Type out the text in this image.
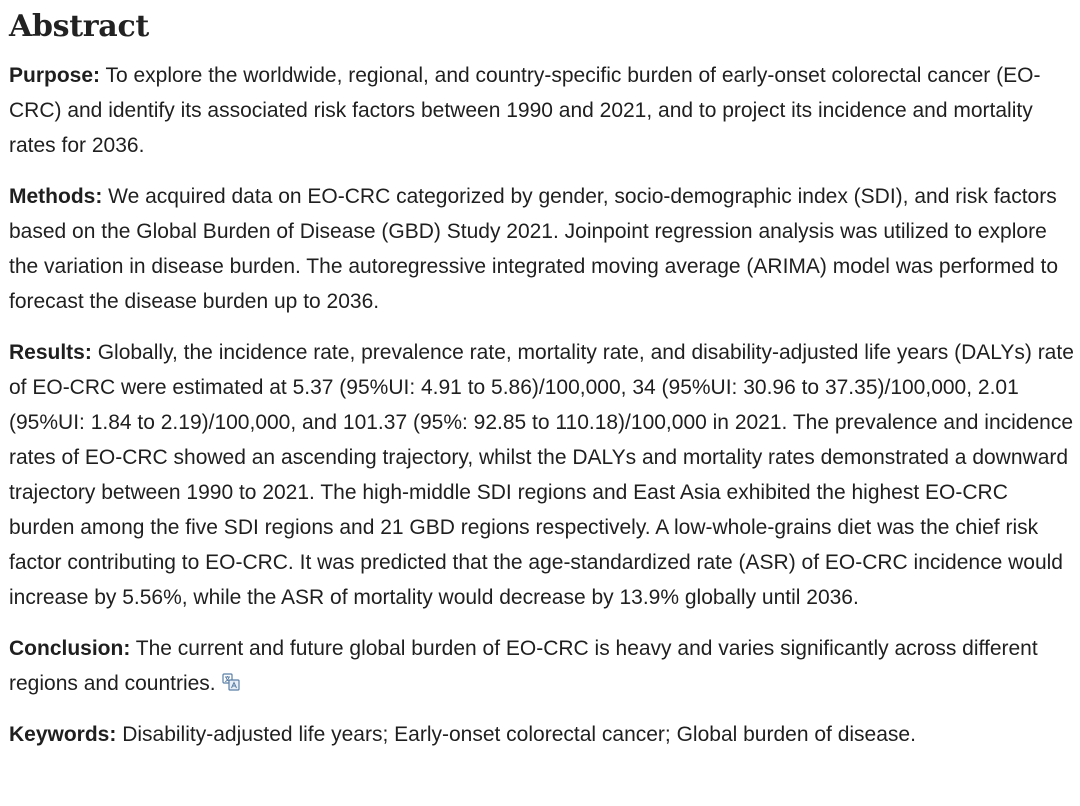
Abstract

Purpose: To explore the worldwide, regional, and country-specific burden of early-onset colorectal cancer (EO-CRC) and identify its associated risk factors between 1990 and 2021, and to project its incidence and mortality rates for 2036.

Methods: We acquired data on EO-CRC categorized by gender, socio-demographic index (SDI), and risk factors based on the Global Burden of Disease (GBD) Study 2021. Joinpoint regression analysis was utilized to explore the variation in disease burden. The autoregressive integrated moving average (ARIMA) model was performed to forecast the disease burden up to 2036.

Results: Globally, the incidence rate, prevalence rate, mortality rate, and disability-adjusted life years (DALYs) rate of EO-CRC were estimated at 5.37 (95%UI: 4.91 to 5.86)/100,000, 34 (95%UI: 30.96 to 37.35)/100,000, 2.01 (95%UI: 1.84 to 2.19)/100,000, and 101.37 (95%: 92.85 to 110.18)/100,000 in 2021. The prevalence and incidence rates of EO-CRC showed an ascending trajectory, whilst the DALYs and mortality rates demonstrated a downward trajectory between 1990 to 2021. The high-middle SDI regions and East Asia exhibited the highest EO-CRC burden among the five SDI regions and 21 GBD regions respectively. A low-whole-grains diet was the chief risk factor contributing to EO-CRC. It was predicted that the age-standardized rate (ASR) of EO-CRC incidence would increase by 5.56%, while the ASR of mortality would decrease by 13.9% globally until 2036.

Conclusion: The current and future global burden of EO-CRC is heavy and varies significantly across different regions and countries.

Keywords: Disability-adjusted life years; Early-onset colorectal cancer; Global burden of disease.
